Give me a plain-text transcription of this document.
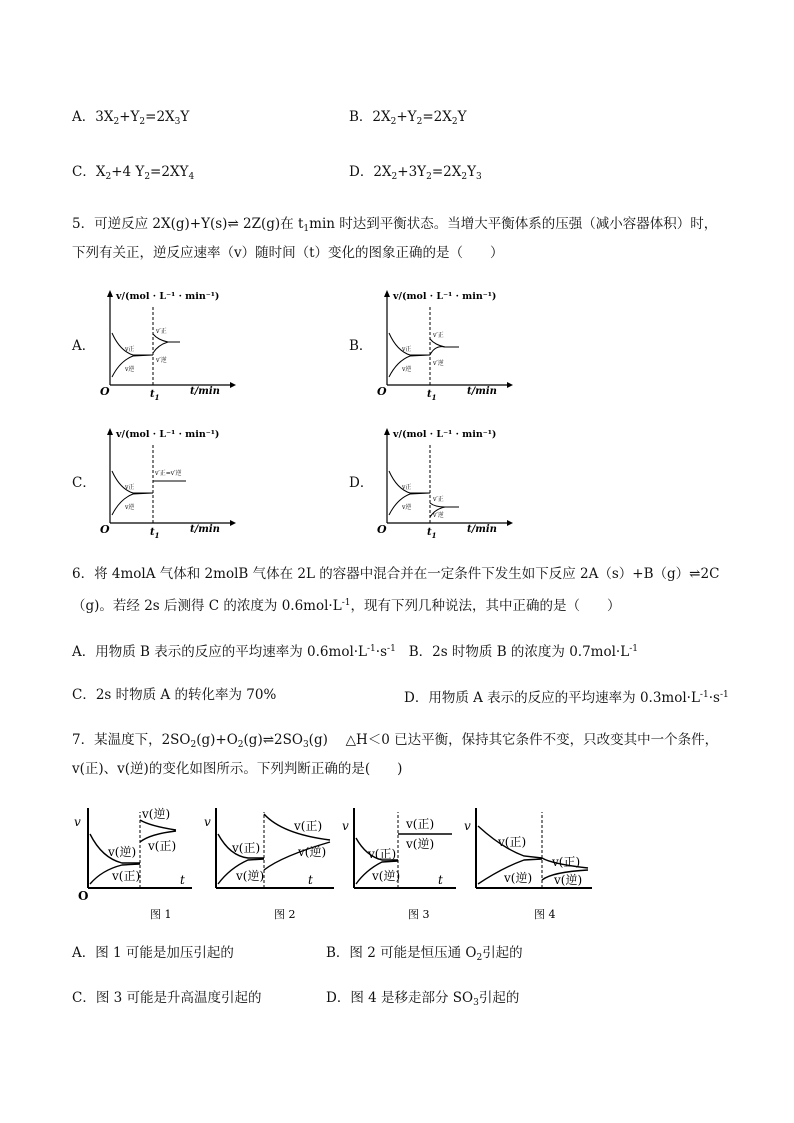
A．$3X_2+Y_2=2X_3Y$	B．$2X_2+Y_2=2X_2Y$
C．$X_2+4$ $Y_2=2XY_4$	D．$2X_2+3Y_2=2X_2Y_3$
5．可逆反应 2X(g)+Y(s)⇌ 2Z(g)在 $t_1\min$ 时达到平衡状态。当增大平衡体系的压强（减小容器体积）时，
下列有关正，逆反应速率（v）随时间（t）变化的图象正确的是（　　）
A．	B．
C．	D．
v/(mol · L⁻¹ · min⁻¹)
t/min
O	$t_1$
v正
v逆
v′正
v′逆
v/(mol · L⁻¹ · min⁻¹)
t/min
O	$t_1$
v正
v逆
v′正
v′逆
v/(mol · L⁻¹ · min⁻¹)
t/min
O	$t_1$
v正
v逆
v′正=v′逆
v/(mol · L⁻¹ · min⁻¹)
t/min
O	$t_1$
v正
v逆
v′正
v′逆
6．将 4molA 气体和 2molB 气体在 2L 的容器中混合并在一定条件下发生如下反应 2A（s）+B（g）⇌2C
（g)。若经 2s 后测得 C 的浓度为 $0.6mol\cdot L^{-1}$，现有下列几种说法，其中正确的是（　　）
A．用物质 B 表示的反应的平均速率为 $0.6mol\cdot L^{-1}\cdot s^{-1}$ B．2s 时物质 B 的浓度为 $0.7mol\cdot L^{-1}$
C．2s 时物质 A 的转化率为 70%	D．用物质 A 表示的反应的平均速率为 $0.3mol\cdot L^{-1}\cdot s^{-1}$
7．某温度下，$2SO_2(g)+O_2(g)\rightleftharpoons 2SO_3(g)$　 △H＜0 已达平衡，保持其它条件不变，只改变其中一个条件，
v(正)、v(逆)的变化如图所示。下列判断正确的是(　　)
v
t
O
v(逆)
v(正)
v(逆)
v(正)
图 1
v
t
v(正)
v(逆)
v(正)
v(逆)
图 2
v
t
v(正)
v(逆)
v(正)
v(逆)
图 3
v
v(正)
v(逆)
v(正)
v(逆)
图 4
A．图 1 可能是加压引起的	B．图 2 可能是恒压通 $O_2$引起的
C．图 3 可能是升高温度引起的	D．图 4 是移走部分 $SO_3$引起的
